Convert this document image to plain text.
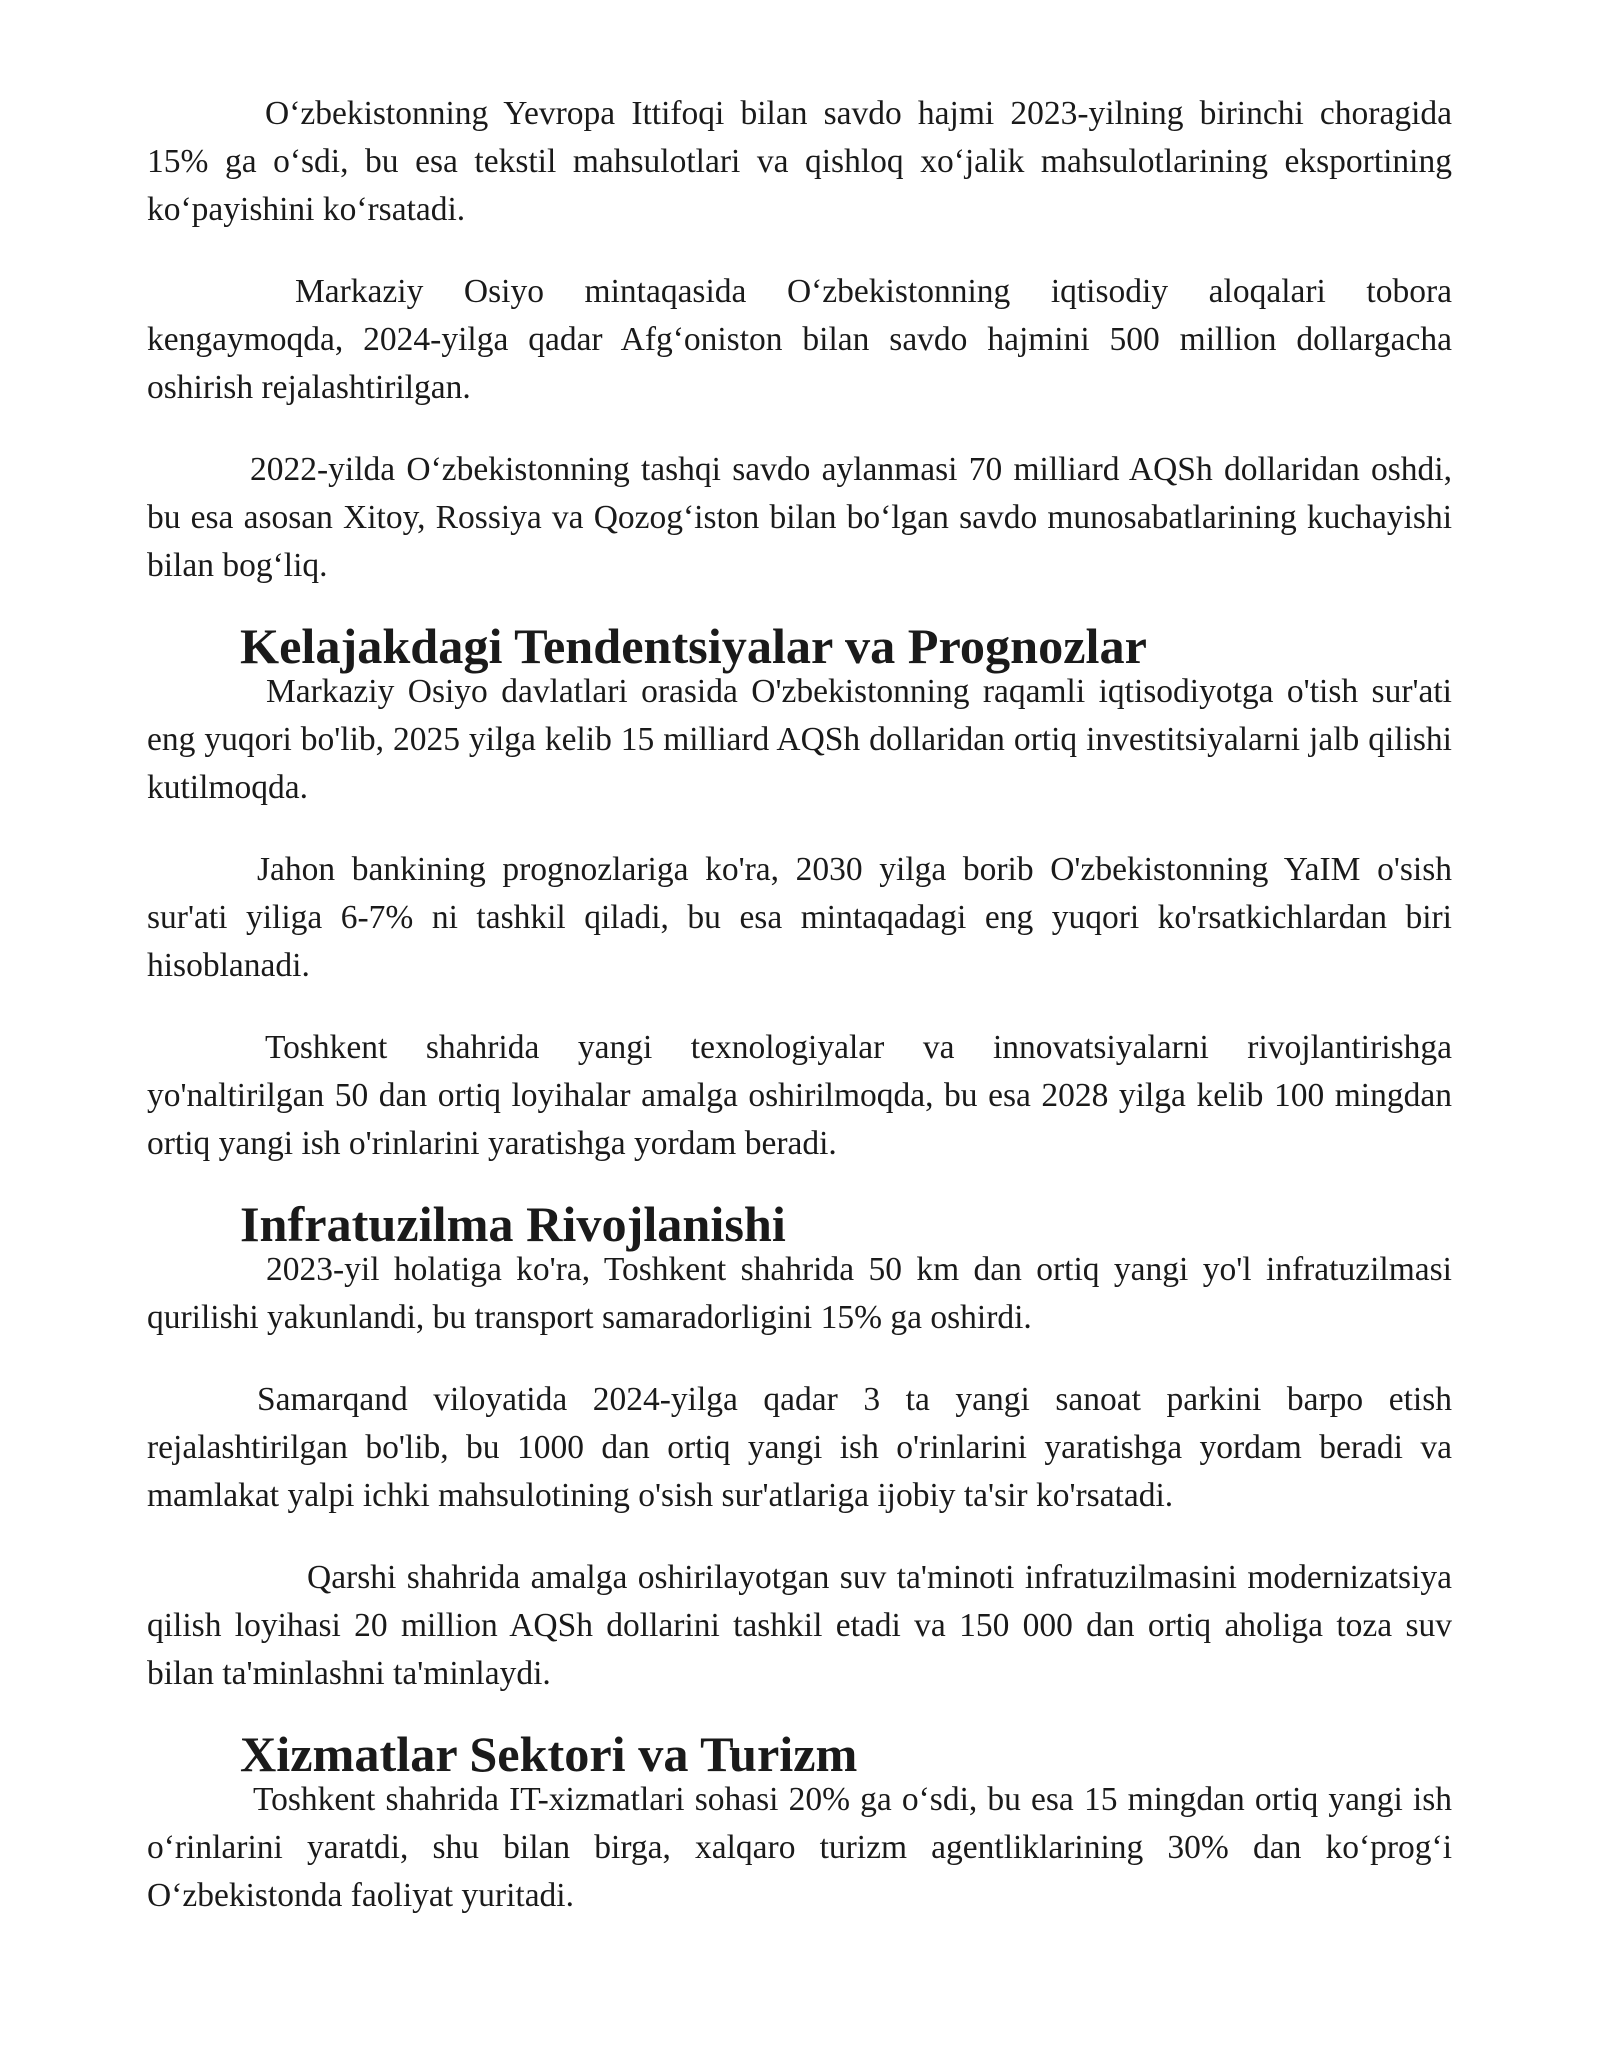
Oʻzbekistonning Yevropa Ittifoqi bilan savdo hajmi 2023-yilning birinchi choragida 15% ga oʻsdi, bu esa tekstil mahsulotlari va qishloq xoʻjalik mahsulotlarining eksportining koʻpayishini koʻrsatadi.

Markaziy Osiyo mintaqasida Oʻzbekistonning iqtisodiy aloqalari tobora kengaymoqda, 2024-yilga qadar Afgʻoniston bilan savdo hajmini 500 million dollargacha oshirish rejalashtirilgan.

2022-yilda Oʻzbekistonning tashqi savdo aylanmasi 70 milliard AQSh dollaridan oshdi, bu esa asosan Xitoy, Rossiya va Qozogʻiston bilan boʻlgan savdo munosabatlarining kuchayishi bilan bogʻliq.

Kelajakdagi Tendentsiyalar va Prognozlar

Markaziy Osiyo davlatlari orasida O'zbekistonning raqamli iqtisodiyotga o'tish sur'ati eng yuqori bo'lib, 2025 yilga kelib 15 milliard AQSh dollaridan ortiq investitsiyalarni jalb qilishi kutilmoqda.

Jahon bankining prognozlariga ko'ra, 2030 yilga borib O'zbekistonning YaIM o'sish sur'ati yiliga 6-7% ni tashkil qiladi, bu esa mintaqadagi eng yuqori ko'rsatkichlardan biri hisoblanadi.

Toshkent shahrida yangi texnologiyalar va innovatsiyalarni rivojlantirishga yo'naltirilgan 50 dan ortiq loyihalar amalga oshirilmoqda, bu esa 2028 yilga kelib 100 mingdan ortiq yangi ish o'rinlarini yaratishga yordam beradi.

Infratuzilma Rivojlanishi

2023-yil holatiga ko'ra, Toshkent shahrida 50 km dan ortiq yangi yo'l infratuzilmasi qurilishi yakunlandi, bu transport samaradorligini 15% ga oshirdi.

Samarqand viloyatida 2024-yilga qadar 3 ta yangi sanoat parkini barpo etish rejalashtirilgan bo'lib, bu 1000 dan ortiq yangi ish o'rinlarini yaratishga yordam beradi va mamlakat yalpi ichki mahsulotining o'sish sur'atlariga ijobiy ta'sir ko'rsatadi.

Qarshi shahrida amalga oshirilayotgan suv ta'minoti infratuzilmasini modernizatsiya qilish loyihasi 20 million AQSh dollarini tashkil etadi va 150 000 dan ortiq aholiga toza suv bilan ta'minlashni ta'minlaydi.

Xizmatlar Sektori va Turizm

Toshkent shahrida IT-xizmatlari sohasi 20% ga oʻsdi, bu esa 15 mingdan ortiq yangi ish oʻrinlarini yaratdi, shu bilan birga, xalqaro turizm agentliklarining 30% dan koʻprogʻi Oʻzbekistonda faoliyat yuritadi.
